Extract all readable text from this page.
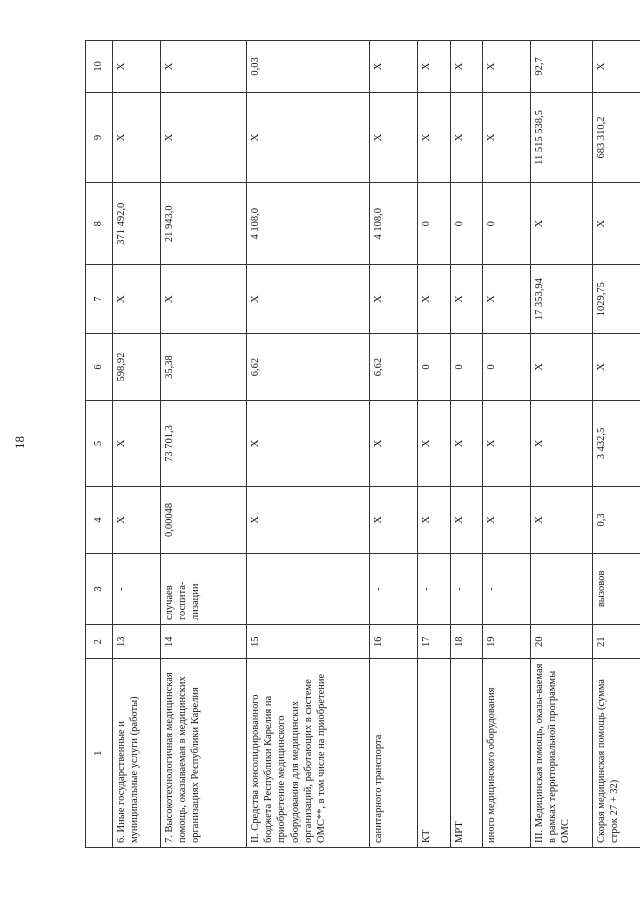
18
1	2	3	4	5	6	7	8	9	10
6. Иные государственные и муниципальные услуги (работы)	13	-	X	X	598,92	X	371 492,0	X	X
7. Высокотехнологичная медицинская помощь, оказываемая в медицинских организациях Республики Карелия	14	случаев госпита-лизации	0,00048	73 701,3	35,38	X	21 943,0	X	X
II. Средства консолидированного бюджета Республики Карелия на приобретение медицинского оборудования для медицинских организаций, работающих в системе ОМС**, в том числе на приобретение	15		X	X	6,62	X	4 108,0	X	0,03
санитарного транспорта	16	-	X	X	6,62	X	4 108,0	X	X
КТ	17	-	X	X	0	X	0	X	X
МРТ	18	-	X	X	0	X	0	X	X
иного медицинского оборудования	19	-	X	X	0	X	0	X	X
III. Медицинская помощь, оказы-ваемая в рамках территориальной программы ОМС	20		X	X	X	17 353,94	X	11 515 538,5	92,7
Скорая медицинская помощь (сумма строк 27 + 32)	21	вызовов	0,3	3 432,5	X	1029,75	X	683 310,2	X
